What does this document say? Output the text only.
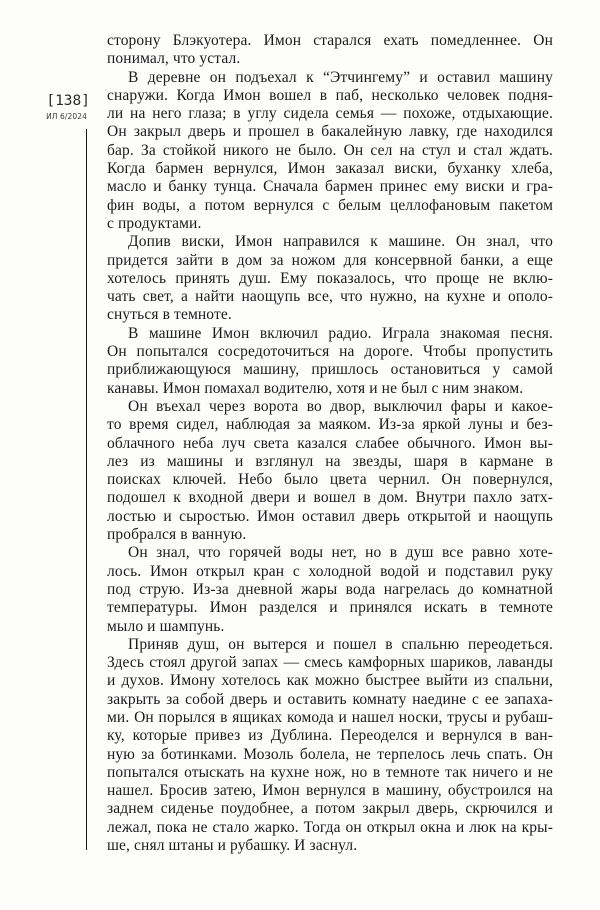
[138]
ИЛ 6/2024
сторону Блэкуотера. Имон старался ехать помедленнее. Он
понимал, что устал.
В деревне он подъехал к “Этчингему” и оставил машину
снаружи. Когда Имон вошел в паб, несколько человек подня-
ли на него глаза; в углу сидела семья — похоже, отдыхающие.
Он закрыл дверь и прошел в бакалейную лавку, где находился
бар. За стойкой никого не было. Он сел на стул и стал ждать.
Когда бармен вернулся, Имон заказал виски, буханку хлеба,
масло и банку тунца. Сначала бармен принес ему виски и гра-
фин воды, а потом вернулся с белым целлофановым пакетом
с продуктами.
Допив виски, Имон направился к машине. Он знал, что
придется зайти в дом за ножом для консервной банки, а еще
хотелось принять душ. Ему показалось, что проще не вклю-
чать свет, а найти наощупь все, что нужно, на кухне и ополо-
снуться в темноте.
В машине Имон включил радио. Играла знакомая песня.
Он попытался сосредоточиться на дороге. Чтобы пропустить
приближающуюся машину, пришлось остановиться у самой
канавы. Имон помахал водителю, хотя и не был с ним знаком.
Он въехал через ворота во двор, выключил фары и какое-
то время сидел, наблюдая за маяком. Из-за яркой луны и без-
облачного неба луч света казался слабее обычного. Имон вы-
лез из машины и взглянул на звезды, шаря в кармане в
поисках ключей. Небо было цвета чернил. Он повернулся,
подошел к входной двери и вошел в дом. Внутри пахло затх-
лостью и сыростью. Имон оставил дверь открытой и наощупь
пробрался в ванную.
Он знал, что горячей воды нет, но в душ все равно хоте-
лось. Имон открыл кран с холодной водой и подставил руку
под струю. Из-за дневной жары вода нагрелась до комнатной
температуры. Имон разделся и принялся искать в темноте
мыло и шампунь.
Приняв душ, он вытерся и пошел в спальню переодеться.
Здесь стоял другой запах — смесь камфорных шариков, лаванды
и духов. Имону хотелось как можно быстрее выйти из спальни,
закрыть за собой дверь и оставить комнату наедине с ее запаха-
ми. Он порылся в ящиках комода и нашел носки, трусы и рубаш-
ку, которые привез из Дублина. Переоделся и вернулся в ван-
ную за ботинками. Мозоль болела, не терпелось лечь спать. Он
попытался отыскать на кухне нож, но в темноте так ничего и не
нашел. Бросив затею, Имон вернулся в машину, обустроился на
заднем сиденье поудобнее, а потом закрыл дверь, скрючился и
лежал, пока не стало жарко. Тогда он открыл окна и люк на кры-
ше, снял штаны и рубашку. И заснул.
